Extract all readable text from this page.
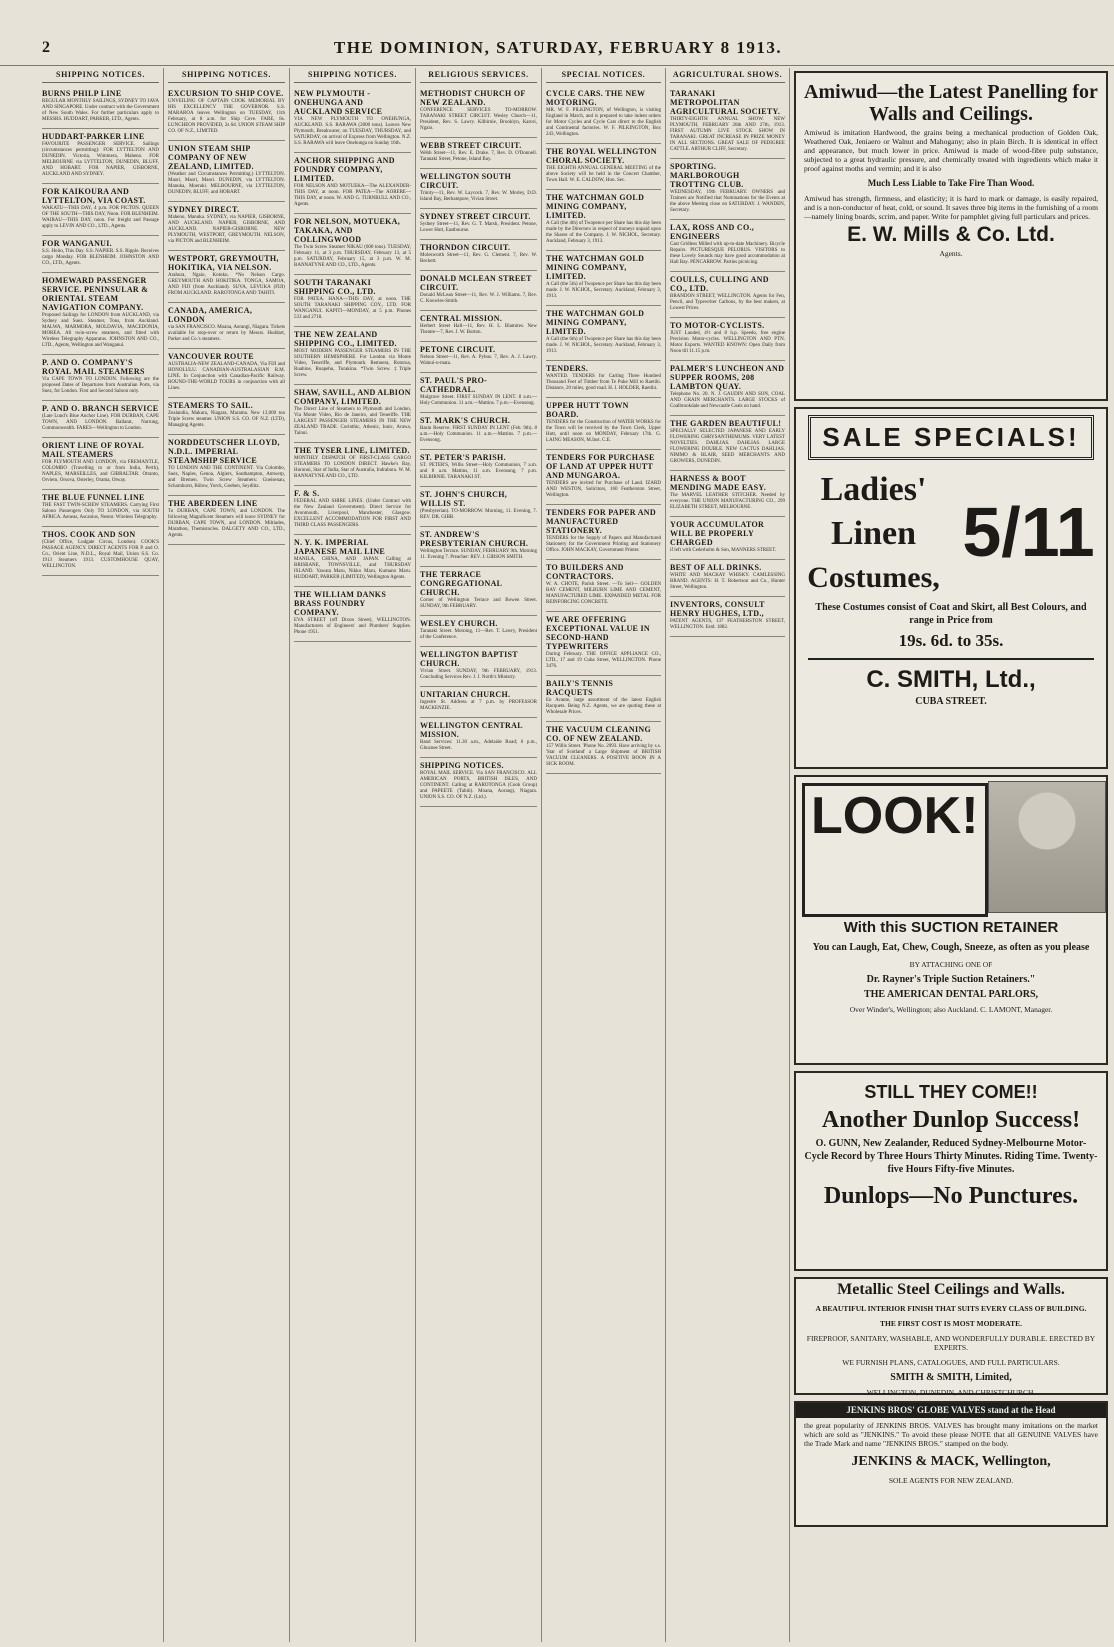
2	THE DOMINION, SATURDAY, FEBRUARY 8 1913.
SHIPPING NOTICES.
BURNS PHILP LINE

REGULAR MONTHLY SAILINGS, SYDNEY TO JAVA AND SINGAPORE. Under contract with the Government of New South Wales. For further particulars apply to MESSRS. HUDDART, PARKER, LTD., Agents.

HUDDART-PARKER LINE

FAVOURITE PASSENGER SERVICE. Sailings (circumstances permitting): FOR LYTTELTON AND DUNEDIN. Victoria, Wimmera, Maheno. FOR MELBOURNE via LYTTELTON, DUNEDIN, BLUFF, AND HOBART. FOR NAPIER, GISBORNE, AUCKLAND AND SYDNEY.

FOR KAIKOURA AND LYTTELTON, VIA COAST.

WAKATU—THIS DAY, 4 p.m. FOR PICTON. QUEEN OF THE SOUTH—THIS DAY, Noon. FOR BLENHEIM. WAIRAU—THIS DAY, noon. For freight and Passage apply to LEVIN AND CO., LTD., Agents.

FOR WANGANUI.

S.S. Hoiio, This Day. S.S. NAPIER. S.S. Ripple. Receives cargo Monday. FOR BLENHEIM. JOHNSTON AND CO., LTD., Agents.

HOMEWARD PASSENGER SERVICE. PENINSULAR & ORIENTAL STEAM NAVIGATION COMPANY.

Proposed Sailings for LONDON from AUCKLAND, via Sydney and Suez. Steamer, Tons, from Auckland. MALWA, MARMORA, MOLDAVIA, MACEDONIA, MOREA. All twin-screw steamers, and fitted with Wireless Telegraphy Apparatus. JOHNSTON AND CO., LTD., Agents, Wellington and Wanganui.

P. AND O. COMPANY'S ROYAL MAIL STEAMERS

Via CAPE TOWN TO LONDON. Following are the proposed Dates of Departures from Australian Ports, via Suez, for London. First and Second Saloon only.

P. AND O. BRANCH SERVICE

(Late Lund's Blue Anchor Line). FOR DURBAN, CAPE TOWN, AND LONDON. Ballarat, Narrung, Commonwealth. FARES—Wellington to London.

ORIENT LINE OF ROYAL MAIL STEAMERS

FOR PLYMOUTH AND LONDON, via FREMANTLE, COLOMBO (Travelling to or from India, Perth), NAPLES, MARSEILLES, and GIBRALTAR. Otranto, Orvieto, Orsova, Osterley, Orama, Otway.

THE BLUE FUNNEL LINE

THE FAST TWIN-SCREW STEAMERS. Carrying First Saloon Passengers Only TO LONDON, via SOUTH AFRICA. Aeneas, Ascanius, Nestor. Wireless Telegraphy.

THOS. COOK AND SON

(Chief Office, Ludgate Circus, London). COOK'S PASSAGE AGENCY. DIRECT AGENTS FOR P. and O. Co., Orient Line, N.D.L., Royal Mail, Union S.S. Co. 1913 Steamers 1913. CUSTOMHOUSE QUAY, WELLINGTON.

SHIPPING NOTICES.
EXCURSION TO SHIP COVE.

UNVEILING OF CAPTAIN COOK MEMORIAL BY HIS EXCELLENCY THE GOVERNOR. S.S. MARAROA leaves Wellington on TUESDAY, 11th February, at 8 a.m. for Ship Cove. FARE, 8s. LUNCHEON PROVIDED, 2s 6d. UNION STEAM SHIP CO. OF N.Z., LIMITED.

UNION STEAM SHIP COMPANY OF NEW ZEALAND, LIMITED.

(Weather and Circumstances Permitting.) LYTTELTON. Maori, Maori, Maori. DUNEDIN, via LYTTELTON. Manuka, Moeraki. MELBOURNE, via LYTTELTON, DUNEDIN, BLUFF, and HOBART.

SYDNEY DIRECT.

Maheno, Manuka. SYDNEY, via NAPIER, GISBORNE, AND AUCKLAND. NAPIER, GISBORNE, AND AUCKLAND. NAPIER-GISBORNE. NEW PLYMOUTH, WESTPORT, GREYMOUTH. NELSON, via PICTON and BLENHEIM.

WESTPORT, GREYMOUTH, HOKITIKA, VIA NELSON.

Arahura, Ngaio, Kotuku. *No Nelson Cargo. GREYMOUTH AND HOKITIKA. TONGA, SAMOA, AND FIJI (from Auckland). SUVA, LEVUKA (FIJI) FROM AUCKLAND. RAROTONGA AND TAHITI.

CANADA, AMERICA, LONDON

via SAN FRANCISCO. Moana, Aorangi, Niagara. Tickets available for stop-over or return by Messrs. Huddart, Parker and Co.'s steamers.

VANCOUVER ROUTE

AUSTRALIA-NEW ZEALAND-CANADA, Via FIJI and HONOLULU. CANADIAN-AUSTRALASIAN R.M. LINE. In Conjunction with Canadian-Pacific Railway. ROUND-THE-WORLD TOURS in conjunction with all Lines.

STEAMERS TO SAIL.

Zealandia, Makura, Niagara, Marama. New 13,000 ton Triple Screw steamer. UNION S.S. CO. OF N.Z. (LTD), Managing Agents.

NORDDEUTSCHER LLOYD, N.D.L. IMPERIAL STEAMSHIP SERVICE

TO LONDON AND THE CONTINENT. Via Colombo, Suez, Naples, Genoa, Algiers, Southampton, Antwerp, and Bremen. Twin Screw Steamers: Gneisenau, Scharnhorst, Bülow, Yorck, Goeben, Seydlitz.

THE ABERDEEN LINE

To DURBAN, CAPE TOWN, and LONDON. The following Magnificent Steamers will leave SYDNEY for DURBAN, CAPE TOWN, and LONDON. Miltiades, Marathon, Themistocles. DALGETY AND CO., LTD., Agents.

SHIPPING NOTICES.
NEW PLYMOUTH - ONEHUNGA AND AUCKLAND SERVICE

VIA NEW PLYMOUTH TO ONEHUNGA, AUCKLAND. S.S. RARAWA (2000 tons). Leaves New Plymouth, Breakwater, on TUESDAY, THURSDAY, and SATURDAY, on arrival of Express from Wellington. N.Z. S.S. RARAWA will leave Onehunga on Sunday 16th.

ANCHOR SHIPPING AND FOUNDRY COMPANY, LIMITED.

FOR NELSON AND MOTUEKA—The ALEXANDER-THIS DAY, at noon. FOR PATEA—The AORERE—THIS DAY, at noon. W. AND G. TURNBULL AND CO., Agents.

FOR NELSON, MOTUEKA, TAKAKA, AND COLLINGWOOD

The Twin Screw Steamer NIKAU (600 tons). TUESDAY, February 11, at 3 p.m. THURSDAY, February 13, at 5 p.m. SATURDAY, February 15, at 3 p.m. W. M. BANNATYNE AND CO., LTD., Agents.

SOUTH TARANAKI SHIPPING CO., LTD.

FOR PATEA. HANA—THIS DAY, at noon. THE SOUTH TARANAKI SHIPPING COY., LTD. FOR WANGANUI. KAPITI—MONDAY, at 5 p.m. Phones 533 and 2718.

THE NEW ZEALAND SHIPPING CO., LIMITED.

MOST MODERN PASSENGER STEAMERS IN THE SOUTHERN HEMISPHERE. For London via Monte Video, Teneriffe, and Plymouth. Remuera, Rotorua, Ruahine, Ruapehu, Turakina. *Twin Screw. ‡Triple Screw.

SHAW, SAVILL, AND ALBION COMPANY, LIMITED.

The Direct Line of Steamers to Plymouth and London, Via Monte Video, Rio de Janeiro, and Teneriffe. THE LARGEST PASSENGER STEAMERS IN THE NEW ZEALAND TRADE. Corinthic, Athenic, Ionic, Arawa, Tainui.

THE TYSER LINE, LIMITED.

MONTHLY DISPATCH OF FIRST-CLASS CARGO STEAMERS TO LONDON DIRECT. Hawke's Bay, Hurunui, Star of India, Star of Australia, Indrabura. W. M. BANNATYNE AND CO., LTD.

F. & S.

FEDERAL AND SHIRE LINES. (Under Contract with the New Zealand Government). Direct Service for Avonmouth, Liverpool, Manchester, Glasgow. EXCELLENT ACCOMMODATION FOR FIRST AND THIRD CLASS PASSENGERS.

N. Y. K. IMPERIAL JAPANESE MAIL LINE

MANILA, CHINA, AND JAPAN. Calling at BRISBANE, TOWNSVILLE, and THURSDAY ISLAND. Yawata Maru, Nikko Maru, Kumano Maru. HUDDART, PARKER (LIMITED), Wellington Agents.

THE WILLIAM DANKS BRASS FOUNDRY COMPANY.

EVA STREET (off Dixon Street), WELLINGTON. Manufacturers of Engineers' and Plumbers' Supplies. Phone 1951.

RELIGIOUS SERVICES.
METHODIST CHURCH OF NEW ZEALAND.

CONFERENCE SERVICES TO-MORROW. TARANAKI STREET CIRCUIT. Wesley Church—11, President, Rev. S. Lawry. Kilbirnie, Brooklyn, Karori, Ngaio.

WEBB STREET CIRCUIT.

Webb Street—11, Rev. E. Drake. 7, Rev. D. O'Donnell. Taranaki Street, Petone, Island Bay.

WELLINGTON SOUTH CIRCUIT.

Trinity—11, Rev. W. Laycock. 7, Rev. W. Morley, D.D. Island Bay, Berhampore, Vivian Street.

SYDNEY STREET CIRCUIT.

Sydney Street—11, Rev. G. T. Marsh, President. Petone, Lower Hutt, Eastbourne.

THORNDON CIRCUIT.

Molesworth Street—11, Rev. G. Clement. 7, Rev. W. Beckett.

DONALD MCLEAN STREET CIRCUIT.

Donald McLean Street—11, Rev. W. J. Williams. 7, Rev. C. Knowles-Smith.

CENTRAL MISSION.

Herbert Street Hall—11, Rev. H. L. Blamires. New Theatre—7, Rev. J. W. Burton.

PETONE CIRCUIT.

Nelson Street—11, Rev. A. Pybus. 7, Rev. A. J. Lawry. Wainui-o-mata.

ST. PAUL'S PRO-CATHEDRAL.

Mulgrave Street. FIRST SUNDAY IN LENT. 8 a.m.—Holy Communion. 11 a.m.—Mattins. 7 p.m.—Evensong.

ST. MARK'S CHURCH.

Basin Reserve. FIRST SUNDAY IN LENT (Feb. 9th). 8 a.m.—Holy Communion. 11 a.m.—Mattins. 7 p.m.—Evensong.

ST. PETER'S PARISH.

ST. PETER'S, Willis Street—Holy Communion, 7 a.m. and 8 a.m. Mattins, 11 a.m. Evensong, 7 p.m. KILBIRNIE. TARANAKI ST.

ST. JOHN'S CHURCH, WILLIS ST.

(Presbyterian). TO-MORROW. Morning, 11. Evening, 7. REV. DR. GIBB.

ST. ANDREW'S PRESBYTERIAN CHURCH.

Wellington Terrace. SUNDAY, FEBRUARY 9th. Morning 11. Evening 7. Preacher: REV. J. GIBSON SMITH.

THE TERRACE CONGREGATIONAL CHURCH.

Corner of Wellington Terrace and Bowen Street. SUNDAY, 9th FEBRUARY.

WESLEY CHURCH.

Taranaki Street. Morning, 11—Rev. T. Lawry, President of the Conference.

WELLINGTON BAPTIST CHURCH.

Vivian Street. SUNDAY, 9th FEBRUARY, 1913. Concluding Services Rev. J. J. North's Ministry.

UNITARIAN CHURCH.

Ingestre St. Address at 7 p.m. by PROFESSOR MACKENZIE.

WELLINGTON CENTRAL MISSION.

Band Services: 11.30 a.m., Adelaide Road; 6 p.m., Ghuznee Street.

SHIPPING NOTICES.

ROYAL MAIL SERVICE. Via SAN FRANCISCO. ALL AMERICAN PORTS, BRITISH ISLES, AND CONTINENT. Calling at RAROTONGA (Cook Group) and PAPEETE (Tahiti). Moana, Aorangi, Niagara. UNION S.S. CO. OF N.Z. (Ltd.).

SPECIAL NOTICES.
CYCLE CARS. THE NEW MOTORING.

MR. W. F. PILKINGTON, of Wellington, is visiting England in March, and is prepared to take indent orders for Motor Cycles and Cycle Cars direct to the English and Continental factories. W. F. PILKINGTON, Box 243, Wellington.

THE ROYAL WELLINGTON CHORAL SOCIETY.

THE EIGHTH ANNUAL GENERAL MEETING of the above Society will be held in the Concert Chamber, Town Hall. W. E. CALDOW, Hon. Sec.

THE WATCHMAN GOLD MINING COMPANY, LIMITED.

A Call (the 4th) of Twopence per Share has this day been made by the Directors in respect of moneys unpaid upon the Shares of the Company. J. W. NICHOL, Secretary. Auckland, February 3, 1913.

THE WATCHMAN GOLD MINING COMPANY, LIMITED.

A Call (the 5th) of Twopence per Share has this day been made. J. W. NICHOL, Secretary. Auckland, February 3, 1913.

THE WATCHMAN GOLD MINING COMPANY, LIMITED.

A Call (the 6th) of Twopence per Share has this day been made. J. W. NICHOL, Secretary. Auckland, February 3, 1913.

TENDERS.

WANTED. TENDERS for Carting Three Hundred Thousand Feet of Timber from Te Puke Mill to Raetihi. Distance, 20 miles, good road. H. J. HOLDER, Raetihi.

UPPER HUTT TOWN BOARD.

TENDERS for the Construction of WATER WORKS for the Town will be received by the Town Clerk, Upper Hutt, until noon on MONDAY, February 17th. G. LAING MEASON, M.Inst. C.E.

TENDERS FOR PURCHASE OF LAND AT UPPER HUTT AND MUNGAROA.

TENDERS are invited for Purchase of Land. IZARD AND WESTON, Solicitors, 160 Featherston Street, Wellington.

TENDERS FOR PAPER AND MANUFACTURED STATIONERY.

TENDERS for the Supply of Papers and Manufactured Stationery for the Government Printing and Stationery Office. JOHN MACKAY, Government Printer.

TO BUILDERS AND CONTRACTORS.

W. A. CHOTE, Parish Street. —To Sell— GOLDEN BAY CEMENT, MILBURN LIME AND CEMENT, MANUFACTURED LIME. EXPANDED METAL FOR REINFORCING CONCRETE.

WE ARE OFFERING EXCEPTIONAL VALUE IN SECOND-HAND TYPEWRITERS

During February. THE OFFICE APPLIANCE CO., LTD., 17 and 19 Cuba Street, WELLINGTON. Phone 3476.

BAILY'S TENNIS RACQUETS

En Avante, large assortment of the latest English Racquets. Being N.Z. Agents, we are quoting these at Wholesale Prices.

THE VACUUM CLEANING CO. OF NEW ZEALAND.

157 Willis Street. 'Phone No. 2993. Have arriving by s.s. 'Star of Scotland' a Large Shipment of BRITISH VACUUM CLEANERS. A POSITIVE BOON IN A SICK ROOM.

AGRICULTURAL SHOWS.
TARANAKI METROPOLITAN AGRICULTURAL SOCIETY.

THIRTY-EIGHTH ANNUAL SHOW. NEW PLYMOUTH, FEBRUARY 26th AND 27th, 1913. FIRST AUTUMN LIVE STOCK SHOW IN TARANAKI. GREAT INCREASE IN PRIZE MONEY IN ALL SECTIONS. GREAT SALE OF PEDIGREE CATTLE. ARTHUR CLIFF, Secretary.

SPORTING. MARLBOROUGH TROTTING CLUB.

WEDNESDAY, 19th FEBRUARY. OWNERS and Trainers are Notified that Nominations for the Events at the above Meeting close on SATURDAY. J. WANDEN, Secretary.

LAX, ROSS AND CO., ENGINEERS

Cast Gridless Milled with up-to-date Machinery. Bicycle Repairs. PICTURESQUE PELORUS. VISITORS to these Lovely Sounds may have good accommodation at Hall Bay. PENCARROW. Parties picnicing.

COULLS, CULLING AND CO., LTD.

BRANDON STREET, WELLINGTON. Agents for Fen, Pencil, and Typewriter Carbons, by the best makers, at Lowest Prices.

TO MOTOR-CYCLISTS.

JUST Landed, 4½ and 8 h.p. Speedo, free engine Precision Motor-cycles. WELLINGTON AND PTN. Motor Exports. WANTED KNOWN: Open Daily from Noon till 11.15 p.m.

PALMER'S LUNCHEON AND SUPPER ROOMS, 208 LAMBTON QUAY.

Telephone No. 20. N. J. GAUDIN AND SON, COAL AND GRAIN MERCHANTS. LARGE STOCKS of Coalbrookdale and Newcastle Coals on hand.

THE GARDEN BEAUTIFUL!

SPECIALLY SELECTED JAPANESE AND EARLY FLOWERING CHRYSANTHEMUMS. VERY LATEST NOVELTIES. DAHLIAS. DAHLIAS. LARGE FLOWERING DOUBLE. NEW CACTUS DAHLIAS. NIMMO & BLAIR, SEED MERCHANTS AND GROWERS, DUNEDIN.

HARNESS & BOOT MENDING MADE EASY.

The MARVEL LEATHER STITCHER. Needed by everyone. THE UNION MANUFACTURING CO., 299 ELIZABETH STREET, MELBOURNE.

YOUR ACCUMULATOR WILL BE PROPERLY CHARGED

if left with Cederholm & Son, MANNERS STREET.

BEST OF ALL DRINKS.

WHITE AND MACKAY WHISKY. CAMLESSING BRAND. AGENTS: H. T. Robertson and Co., Hunter Street, Wellington.

INVENTORS, CONSULT HENRY HUGHES, LTD.,

PATENT AGENTS, 137 FEATHERSTON STREET, WELLINGTON. Estd. 1882.

Amiwud—the Latest Panelling for Walls and Ceilings.
Amiwud is imitation Hardwood, the grains being a mechanical production of Golden Oak, Weathered Oak, Jeniaero or Walnut and Mahogany; also in plain Birch. It is identical in effect and appearance, but much lower in price. Amiwud is made of wood-fibre pulp substance, subjected to a great hydraulic pressure, and chemically treated with ingredients which make it proof against moths and vermin; and it is also
Much Less Liable to Take Fire Than Wood.
Amiwud has strength, firmness, and elasticity; it is hard to mark or damage, is easily repaired, and is a non-conductor of heat, cold, or sound. It saves three big items in the furnishing of a room—namely lining boards, scrim, and paper. Write for pamphlet giving full particulars and prices.
E. W. Mills & Co. Ltd.
Agents.
SALE SPECIALS!
Ladies'
Linen
Costumes,
5/11
These Costumes consist of Coat and Skirt, all Best Colours, and range in Price from
19s. 6d. to 35s.
C. SMITH, Ltd.,
CUBA STREET.
LOOK!
With this SUCTION RETAINER
You can Laugh, Eat, Chew, Cough, Sneeze, as often as you please
BY ATTACHING ONE OF
Dr. Rayner's Triple Suction Retainers."
THE AMERICAN DENTAL PARLORS,
Over Winder's, Wellington; also Auckland. C. LAMONT, Manager.
STILL THEY COME!!
Another Dunlop Success!
O. GUNN, New Zealander, Reduced Sydney-Melbourne Motor-Cycle Record by Three Hours Thirty Minutes. Riding Time. Twenty-five Hours Fifty-five Minutes.
Dunlops—No Punctures.
Metallic Steel Ceilings and Walls.
A BEAUTIFUL INTERIOR FINISH THAT SUITS EVERY CLASS OF BUILDING.
THE FIRST COST IS MOST MODERATE.
FIREPROOF, SANITARY, WASHABLE, AND WONDERFULLY DURABLE. ERECTED BY EXPERTS.
WE FURNISH PLANS, CATALOGUES, AND FULL PARTICULARS.
SMITH & SMITH, Limited,
WELLINGTON, DUNEDIN, AND CHRISTCHURCH.
JENKINS BROS' GLOBE VALVES stand at the Head
the great popularity of JENKINS BROS. VALVES has brought many imitations on the market which are sold as "JENKINS." To avoid these please NOTE that all GENUINE VALVES have the Trade Mark and name "JENKINS BROS." stamped on the body.
JENKINS & MACK, Wellington,
SOLE AGENTS FOR NEW ZEALAND.
